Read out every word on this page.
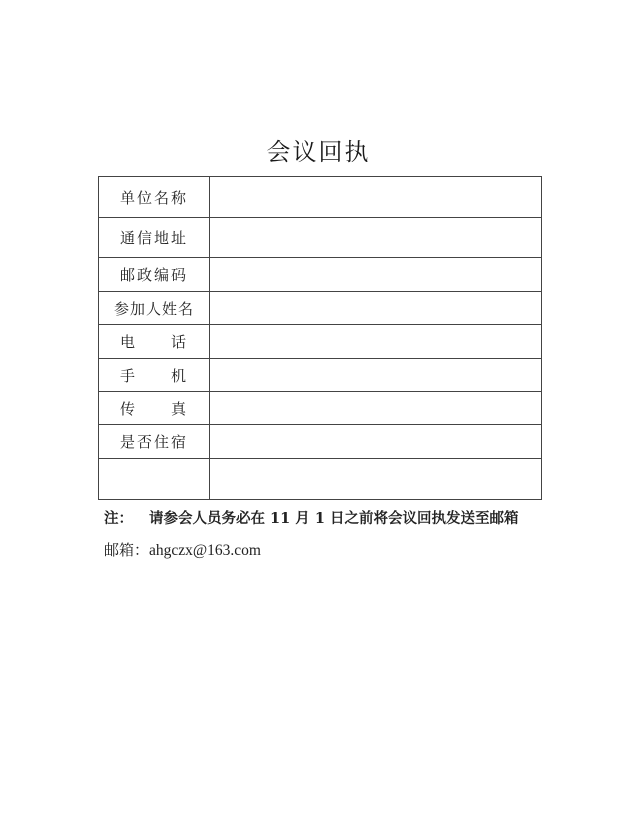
会议回执
单位名称	
通信地址	
邮政编码	
参加人姓名	
电　　话	
手　　机	
传　　真	
是否住宿	

注： 请参会人员务必在 11 月 1 日之前将会议回执发送至邮箱
邮箱：ahgczx@163.com
